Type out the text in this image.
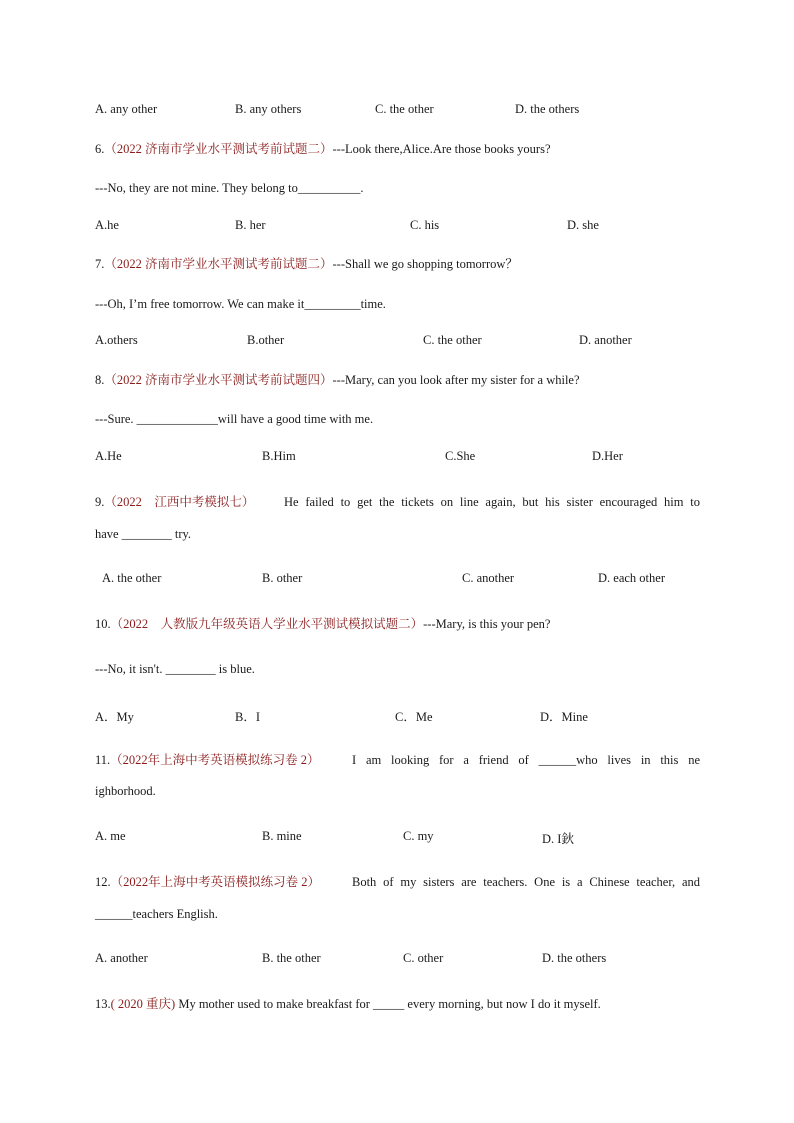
A. any other	B. any others	C. the other	D. the others
6.（2022 济南市学业水平测试考前试题二）---Look there,Alice.Are those books yours?
---No, they are not mine. They belong to__________.
A.he	B. her	C. his	D. she
7.（2022 济南市学业水平测试考前试题二）---Shall we go shopping tomorrow？
---Oh, I’m free tomorrow. We can make it_________time.
A.others	B.other	C. the other	D. another
8.（2022 济南市学业水平测试考前试题四）---Mary, can you look after my sister for a while?
---Sure. _____________will have a good time with me.
A.He	B.Him	C.She	D.Her
9.（2022　江西中考模拟七） He failed to get the tickets on line again, but his sister encouraged him to
have ________ try.
A. the other	B. other	C. another	D. each other
10.（2022　人教版九年级英语人学业水平测试模拟试题二）---Mary, is this your pen?
---No, it isn't. ________ is blue.
A．My	B．I	C．Me	D．Mine
11.（2022年上海中考英语模拟练习卷 2）	I am looking for a friend of ______who lives in this ne
ighborhood.
A. me	B. mine	C. my	D. I鈥
12.（2022年上海中考英语模拟练习卷 2）	Both of my sisters are teachers. One is a Chinese teacher, and
______teachers English.
A. another	B. the other	C. other	D. the others
13.( 2020 重庆) My mother used to make breakfast for _____ every morning, but now I do it myself.
